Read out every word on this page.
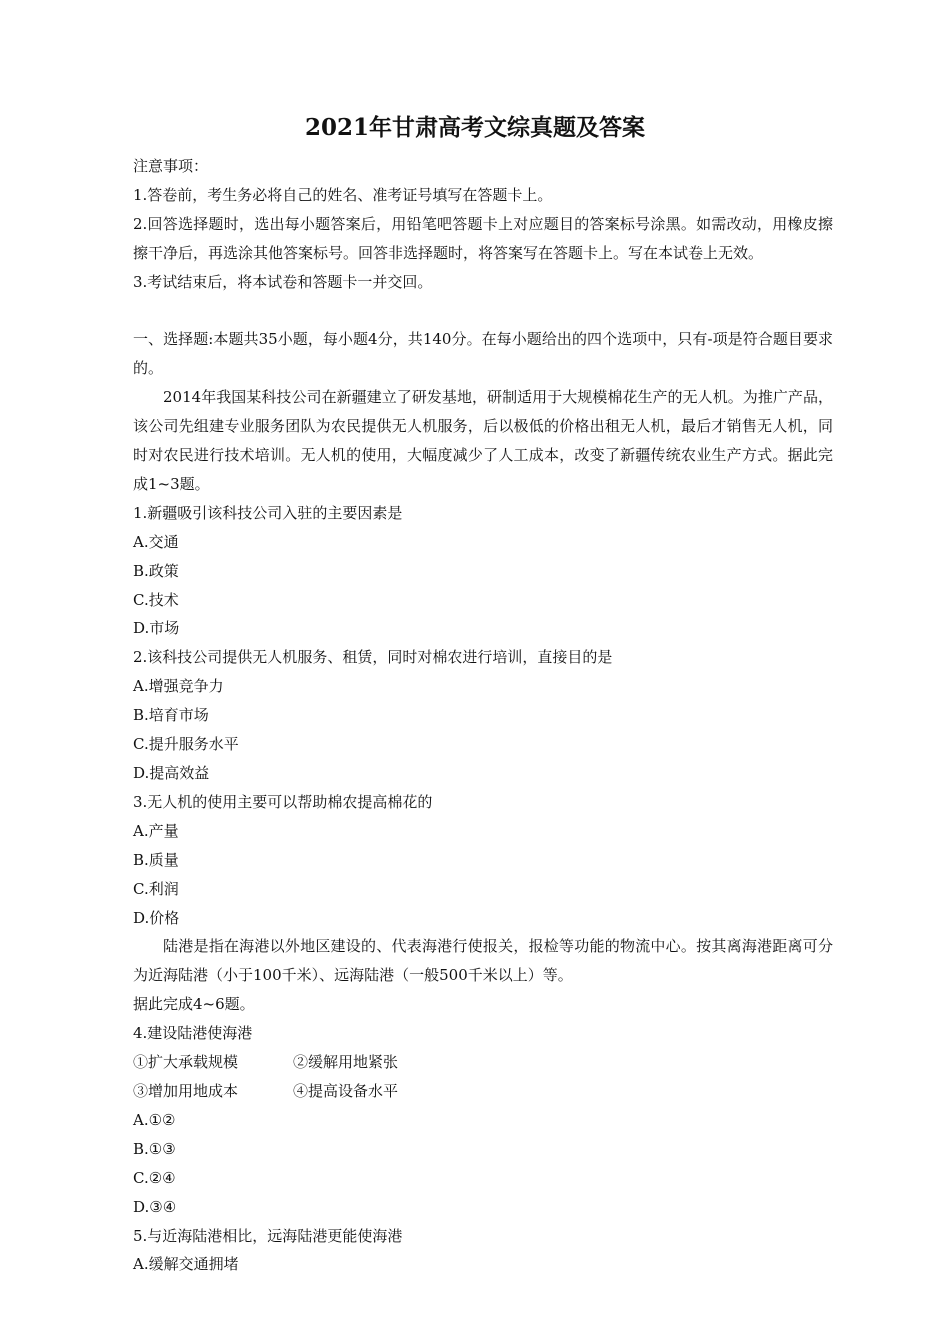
2021年甘肃高考文综真题及答案

注意事项：

1.答卷前，考生务必将自己的姓名、准考证号填写在答题卡上。

2.回答选择题时，选出每小题答案后，用铅笔吧答题卡上对应题目的答案标号涂黑。如需改动，用橡皮擦擦干净后，再选涂其他答案标号。回答非选择题时，将答案写在答题卡上。写在本试卷上无效。

3.考试结束后，将本试卷和答题卡一并交回。

一、选择题:本题共35小题，每小题4分，共140分。在每小题给出的四个选项中，只有-项是符合题目要求的。

2014年我国某科技公司在新疆建立了研发基地，研制适用于大规模棉花生产的无人机。为推广产品，该公司先组建专业服务团队为农民提供无人机服务，后以极低的价格出租无人机，最后才销售无人机，同时对农民进行技术培训。无人机的使用，大幅度减少了人工成本，改变了新疆传统农业生产方式。据此完成1~3题。

1.新疆吸引该科技公司入驻的主要因素是

A.交通

B.政策

C.技术

D.市场

2.该科技公司提供无人机服务、租赁，同时对棉农进行培训，直接目的是

A.增强竞争力

B.培育市场

C.提升服务水平

D.提高效益

3.无人机的使用主要可以帮助棉农提高棉花的

A.产量

B.质量

C.利润

D.价格

陆港是指在海港以外地区建设的、代表海港行使报关，报检等功能的物流中心。按其离海港距离可分为近海陆港（小于100千米）、远海陆港（一般500千米以上）等。

据此完成4~6题。

4.建设陆港使海港

①扩大承载规模	②缓解用地紧张
③增加用地成本	④提高设备水平

A.①②

B.①③

C.②④

D.③④

5.与近海陆港相比，远海陆港更能使海港

A.缓解交通拥堵
